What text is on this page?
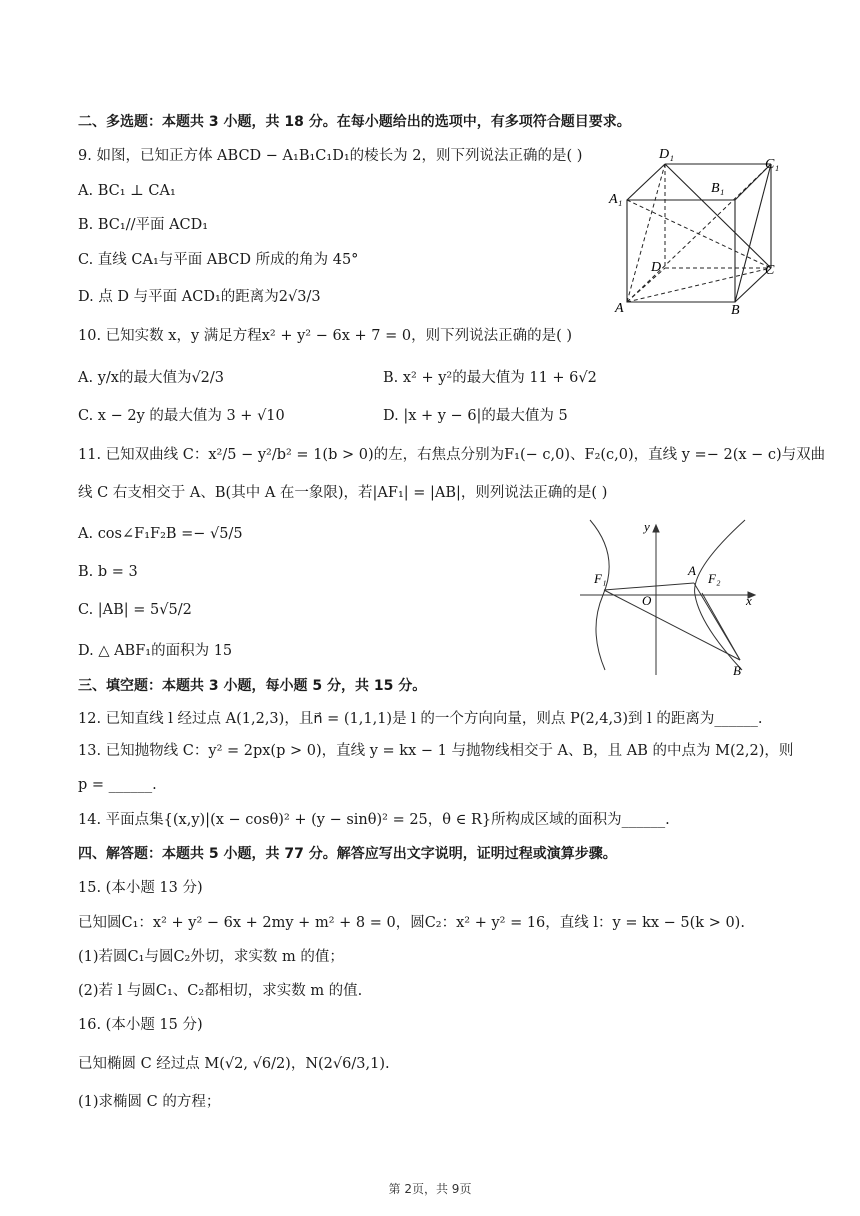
二、多选题：本题共 3 小题，共 18 分。在每小题给出的选项中，有多项符合题目要求。
9. 如图，已知正方体 ABCD − A₁B₁C₁D₁的棱长为 2，则下列说法正确的是( )
A. BC₁ ⊥ CA₁
B. BC₁//平面 ACD₁
C. 直线 CA₁与平面 ABCD 所成的角为 45°
D. 点 D 与平面 ACD₁的距离为2√3/3
D₁
C₁
A₁
B₁
D	C
A	B
10. 已知实数 x，y 满足方程x² + y² − 6x + 7 = 0，则下列说法正确的是( )
A. y/x的最大值为√2/3	B. x² + y²的最大值为 11 + 6√2
C. x − 2y 的最大值为 3 + √10	D. |x + y − 6|的最大值为 5
11. 已知双曲线 C：x²/5 − y²/b² = 1(b > 0)的左，右焦点分别为F₁(− c,0)、F₂(c,0)，直线 y =− 2(x − c)与双曲
线 C 右支相交于 A、B(其中 A 在一象限)，若|AF₁| = |AB|，则列说法正确的是( )
A. cos∠F₁F₂B =− √5/5
B. b = 3
C. |AB| = 5√5/2
D. △ ABF₁的面积为 15
F₁
A
F₂
O	x
y
B
三、填空题：本题共 3 小题，每小题 5 分，共 15 分。
12. 已知直线 l 经过点 A(1,2,3)，且n⃗ = (1,1,1)是 l 的一个方向向量，则点 P(2,4,3)到 l 的距离为______.
13. 已知抛物线 C：y² = 2px(p > 0)，直线 y = kx − 1 与抛物线相交于 A、B，且 AB 的中点为 M(2,2)，则
p = ______.
14. 平面点集{(x,y)|(x − cosθ)² + (y − sinθ)² = 25，θ ∈ R}所构成区域的面积为______.
四、解答题：本题共 5 小题，共 77 分。解答应写出文字说明，证明过程或演算步骤。
15. (本小题 13 分)
已知圆C₁：x² + y² − 6x + 2my + m² + 8 = 0，圆C₂：x² + y² = 16，直线 l：y = kx − 5(k > 0).
(1)若圆C₁与圆C₂外切，求实数 m 的值；
(2)若 l 与圆C₁、C₂都相切，求实数 m 的值.
16. (本小题 15 分)
已知椭圆 C 经过点 M(√2, √6/2)，N(2√6/3,1).
(1)求椭圆 C 的方程；
第 2页，共 9页
